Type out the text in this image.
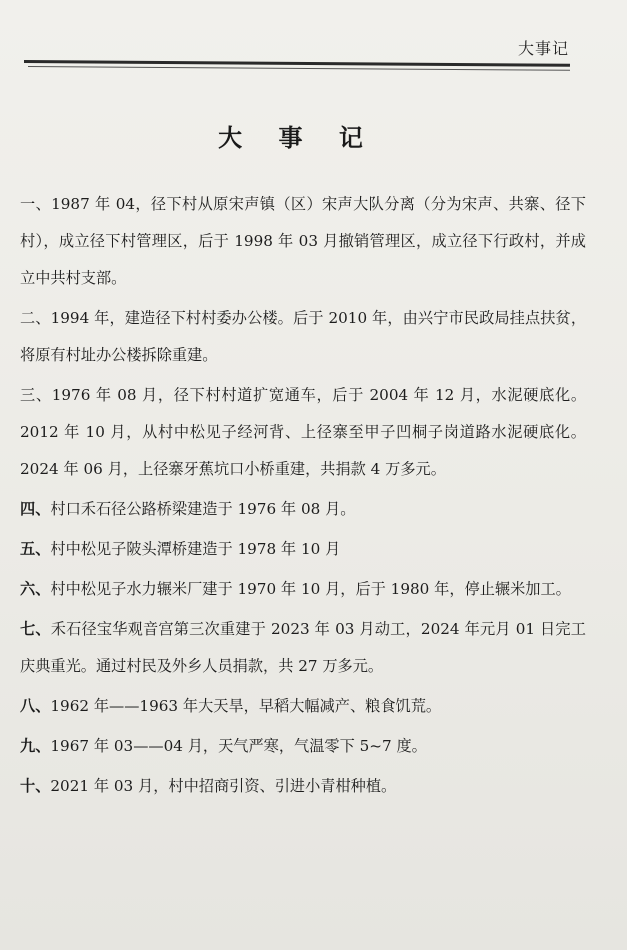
大事记
大 事 记

一、1987 年 04，径下村从原宋声镇（区）宋声大队分离（分为宋声、共寨、径下村），成立径下村管理区，后于 1998 年 03 月撤销管理区，成立径下行政村，并成立中共村支部。

二、1994 年，建造径下村村委办公楼。后于 2010 年，由兴宁市民政局挂点扶贫，将原有村址办公楼拆除重建。

三、1976 年 08 月，径下村村道扩宽通车，后于 2004 年 12 月，水泥硬底化。2012 年 10 月，从村中松见子经河背、上径寨至甲子凹桐子岗道路水泥硬底化。2024 年 06 月，上径寨牙蕉坑口小桥重建，共捐款 4 万多元。

四、村口禾石径公路桥梁建造于 1976 年 08 月。

五、村中松见子陂头潭桥建造于 1978 年 10 月

六、村中松见子水力辗米厂建于 1970 年 10 月，后于 1980 年，停止辗米加工。

七、禾石径宝华观音宫第三次重建于 2023 年 03 月动工，2024 年元月 01 日完工庆典重光。通过村民及外乡人员捐款，共 27 万多元。

八、1962 年——1963 年大天旱，早稻大幅减产、粮食饥荒。

九、1967 年 03——04 月，天气严寒，气温零下 5~7 度。

十、2021 年 03 月，村中招商引资、引进小青柑种植。
